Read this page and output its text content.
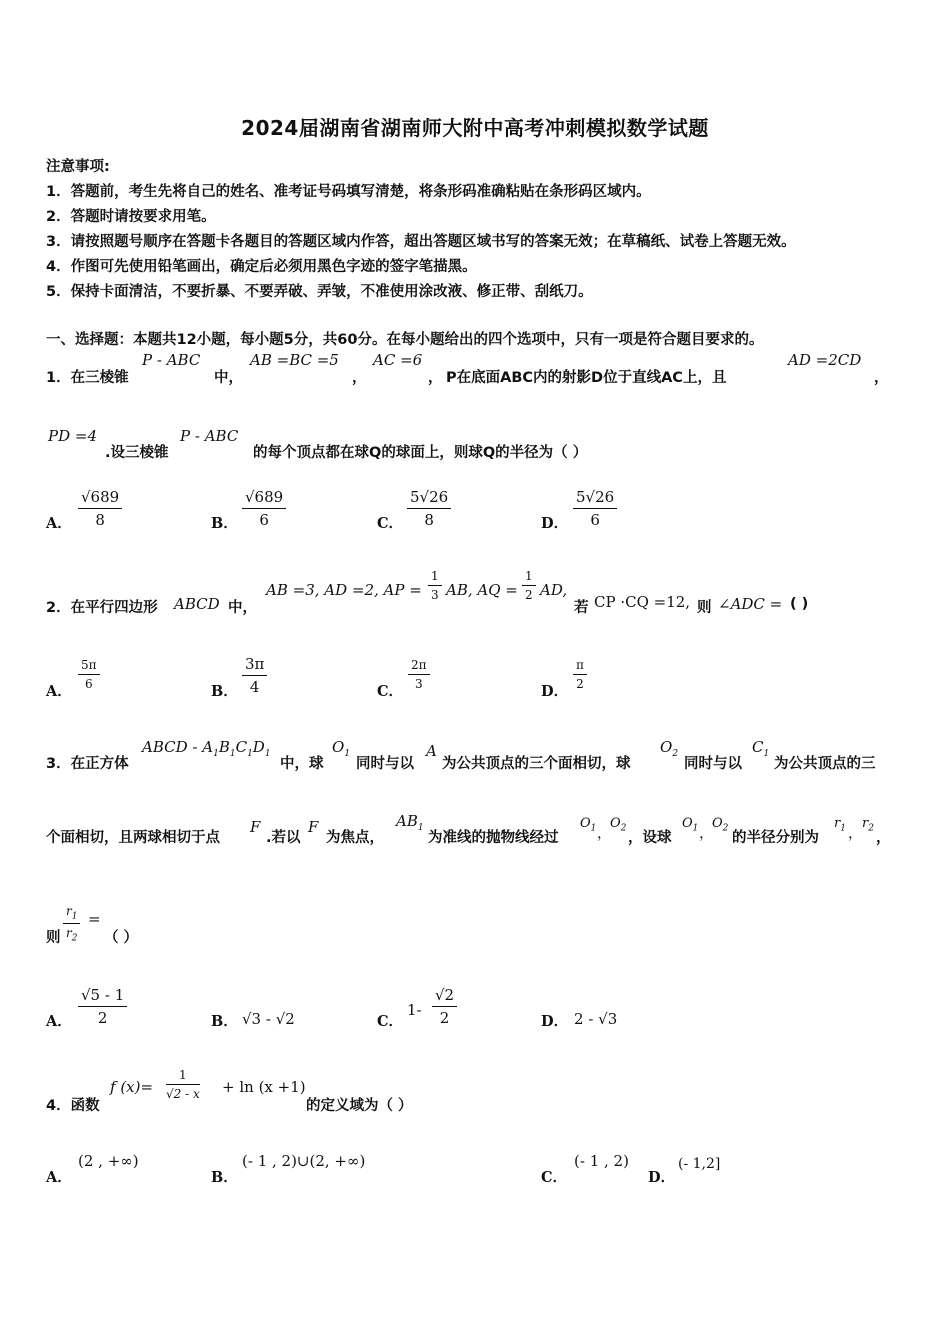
2024届湖南省湖南师大附中高考冲刺模拟数学试题
注意事项:
1．答题前，考生先将自己的姓名、准考证号码填写清楚，将条形码准确粘贴在条形码区域内。
2．答题时请按要求用笔。
3．请按照题号顺序在答题卡各题目的答题区域内作答，超出答题区域书写的答案无效；在草稿纸、试卷上答题无效。
4．作图可先使用铅笔画出，确定后必须用黑色字迹的签字笔描黑。
5．保持卡面清洁，不要折暴、不要弄破、弄皱，不准使用涂改液、修正带、刮纸刀。
一、选择题：本题共12小题，每小题5分，共60分。在每小题给出的四个选项中，只有一项是符合题目要求的。
1．在三棱锥
P - ABC
中，
AB =BC =5
，
AC =6
， P在底面ABC内的射影D位于直线AC上，且
AD =2CD
，
PD =4
.设三棱锥
P - ABC
的每个顶点都在球Q的球面上，则球Q的半径为（ ）
A． $\frac{√689}{8}$	B． $\frac{√689}{6}$	C． $\frac{5√26}{8}$	D． $\frac{5√26}{6}$
2．在平行四边形 ABCD 中，
AB =3, AD =2, AP = $\frac{1}{3}$ AB, AQ = $\frac{1}{2}$ AD,
若 CP ·CQ =12, 则 ∠ADC = ( )
A．
$\frac{5\pi}{6}$
B． $\frac{3\pi}{4}$	C．
$\frac{2\pi}{3}$
D．
$\frac{\pi}{2}$
3．在正方体
ABCD - $A_1B_1C_1D_1$
中，球
$O_1$
同时与以
A
为公共顶点的三个面相切，球
$O_2$
同时与以
$C_1$
为公共顶点的三
个面相切，且两球相切于点
F
.若以
F
为焦点，
$AB_1$
为准线的抛物线经过
$O_1$ ，
$O_2$
，设球
$O_1$ ，
$O_2$
的半径分别为
$r_1$ ，
$r_2$
，
则 $\frac{r_1}{r_2}$ =
（ ）
A． $\frac{√5 - 1}{2}$	B． √3 - √2	C．
$1- \frac{√2}{2}$	D． 2 - √3
4．函数
f $(x)= \frac{1}{√2 - x} + \ln (x +1)$
的定义域为（ ）
A．
(2 , +∞)
B．
(- 1 , 2)∪(2, +∞)
C．
(- 1 , 2)
D．
(- 1,2]
